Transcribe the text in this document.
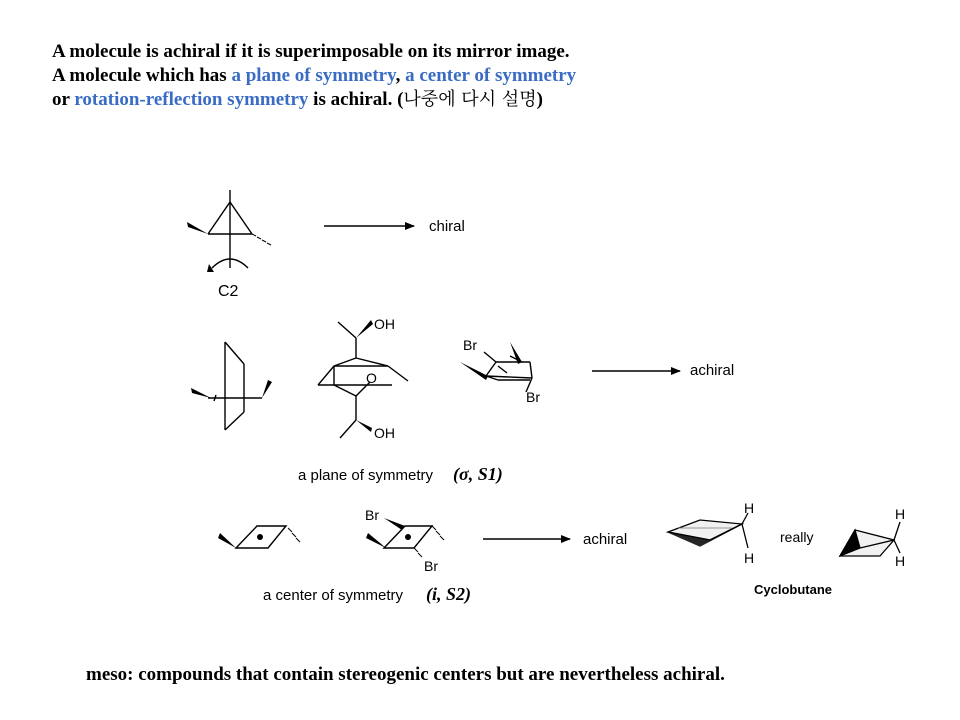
A molecule is achiral if it is superimposable on its mirror image.
A molecule which has a plane of symmetry, a center of symmetry
or rotation-reflection symmetry is achiral. (나중에 다시 설명)
C2
chiral
OH
O
OH
Br
Br
achiral
a plane of symmetry (σ, S1)
Br
Br
achiral
H
H
really
H
H
Cyclobutane
a center of symmetry (i, S2)
meso: compounds that contain stereogenic centers but are nevertheless achiral.
